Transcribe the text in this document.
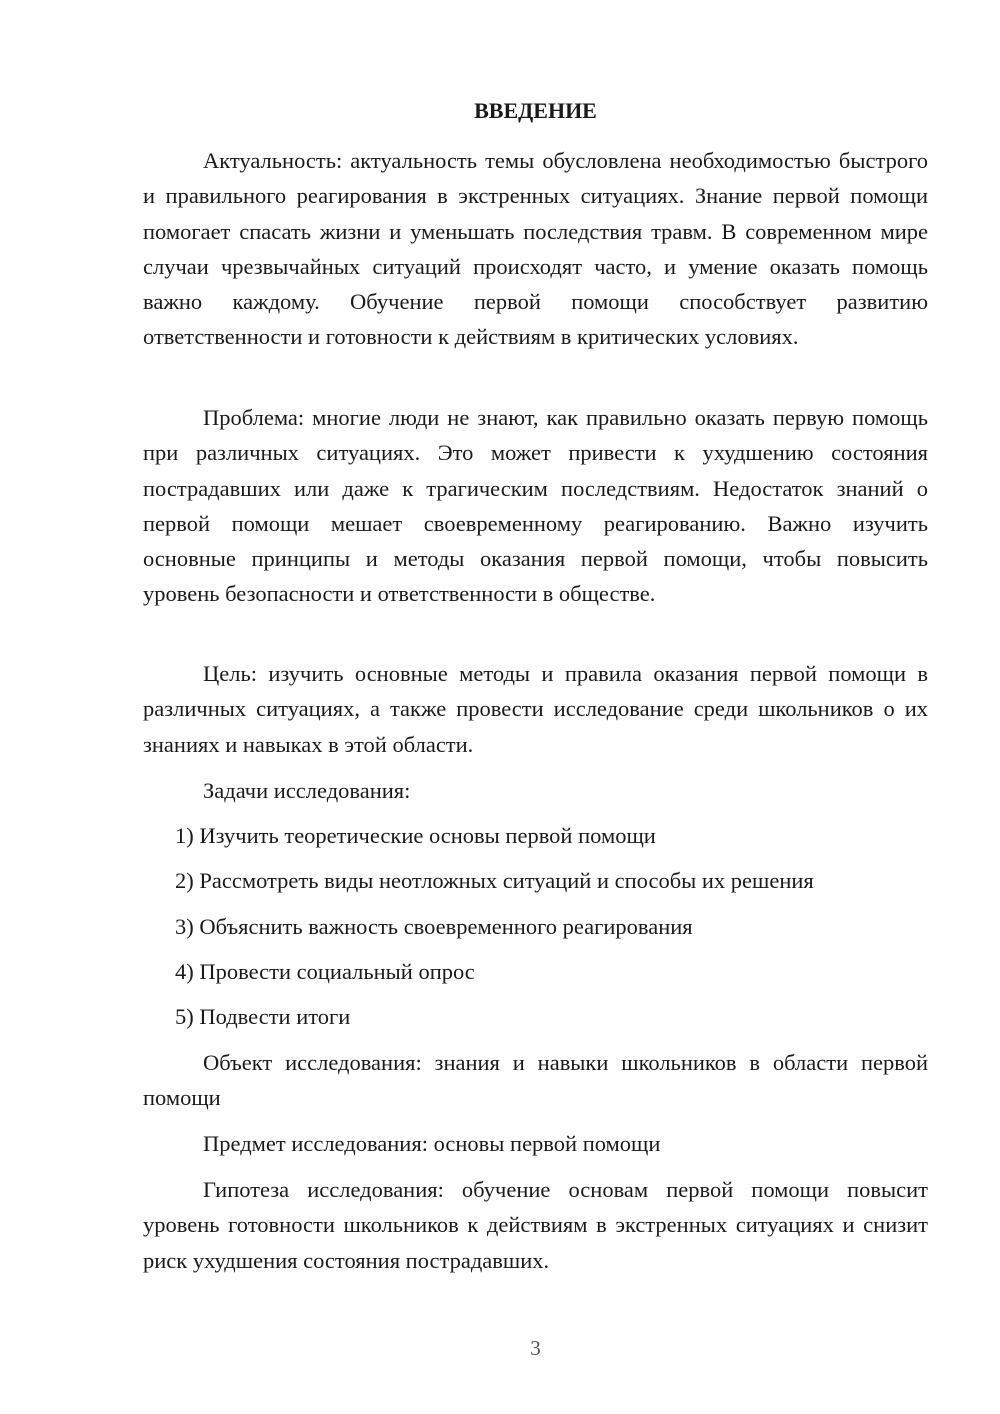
ВВЕДЕНИЕ

Актуальность: актуальность темы обусловлена необходимостью быстрого и правильного реагирования в экстренных ситуациях. Знание первой помощи помогает спасать жизни и уменьшать последствия травм. В современном мире случаи чрезвычайных ситуаций происходят часто, и умение оказать помощь важно каждому. Обучение первой помощи способствует развитию ответственности и готовности к действиям в критических условиях.

Проблема: многие люди не знают, как правильно оказать первую помощь при различных ситуациях. Это может привести к ухудшению состояния пострадавших или даже к трагическим последствиям. Недостаток знаний о первой помощи мешает своевременному реагированию. Важно изучить основные принципы и методы оказания первой помощи, чтобы повысить уровень безопасности и ответственности в обществе.

Цель: изучить основные методы и правила оказания первой помощи в различных ситуациях, а также провести исследование среди школьников о их знаниях и навыках в этой области.

Задачи исследования:

1) Изучить теоретические основы первой помощи

2) Рассмотреть виды неотложных ситуаций и способы их решения

3) Объяснить важность своевременного реагирования

4) Провести социальный опрос

5) Подвести итоги

Объект исследования: знания и навыки школьников в области первой помощи

Предмет исследования: основы первой помощи

Гипотеза исследования: обучение основам первой помощи повысит уровень готовности школьников к действиям в экстренных ситуациях и снизит риск ухудшения состояния пострадавших.

3
